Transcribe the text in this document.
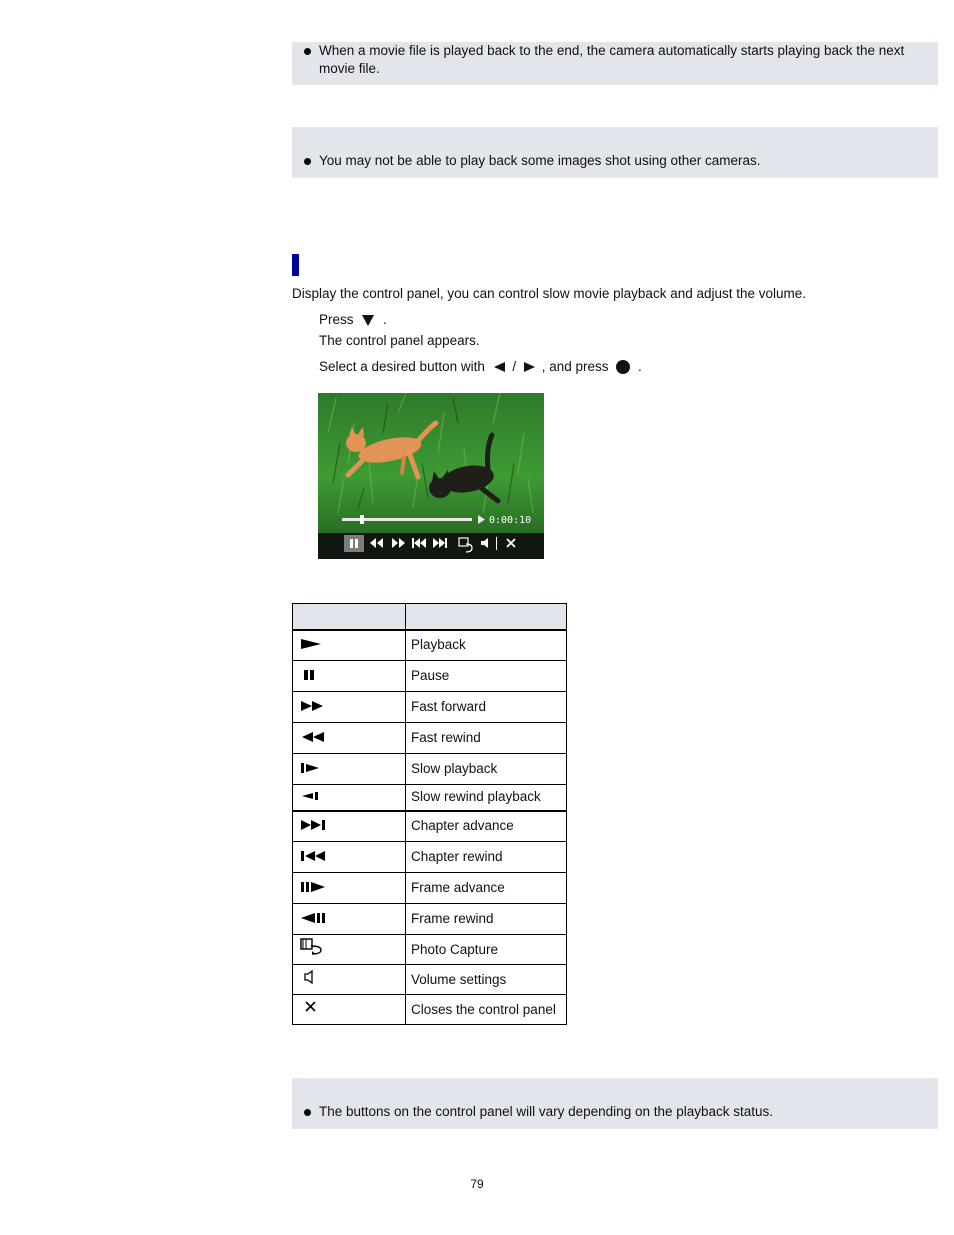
When a movie file is played back to the end, the camera automatically starts playing back the next movie file.
You may not be able to play back some images shot using other cameras.
Display the control panel, you can control slow movie playback and adjust the volume.
Press .
The control panel appears.
Select a desired button with / , and press .
0:00:10

	Playback
	Pause
	Fast forward
	Fast rewind
	Slow playback
	Slow rewind playback
	Chapter advance
	Chapter rewind
	Frame advance
	Frame rewind
	Photo Capture
	Volume settings
	Closes the control panel
The buttons on the control panel will vary depending on the playback status.
79
